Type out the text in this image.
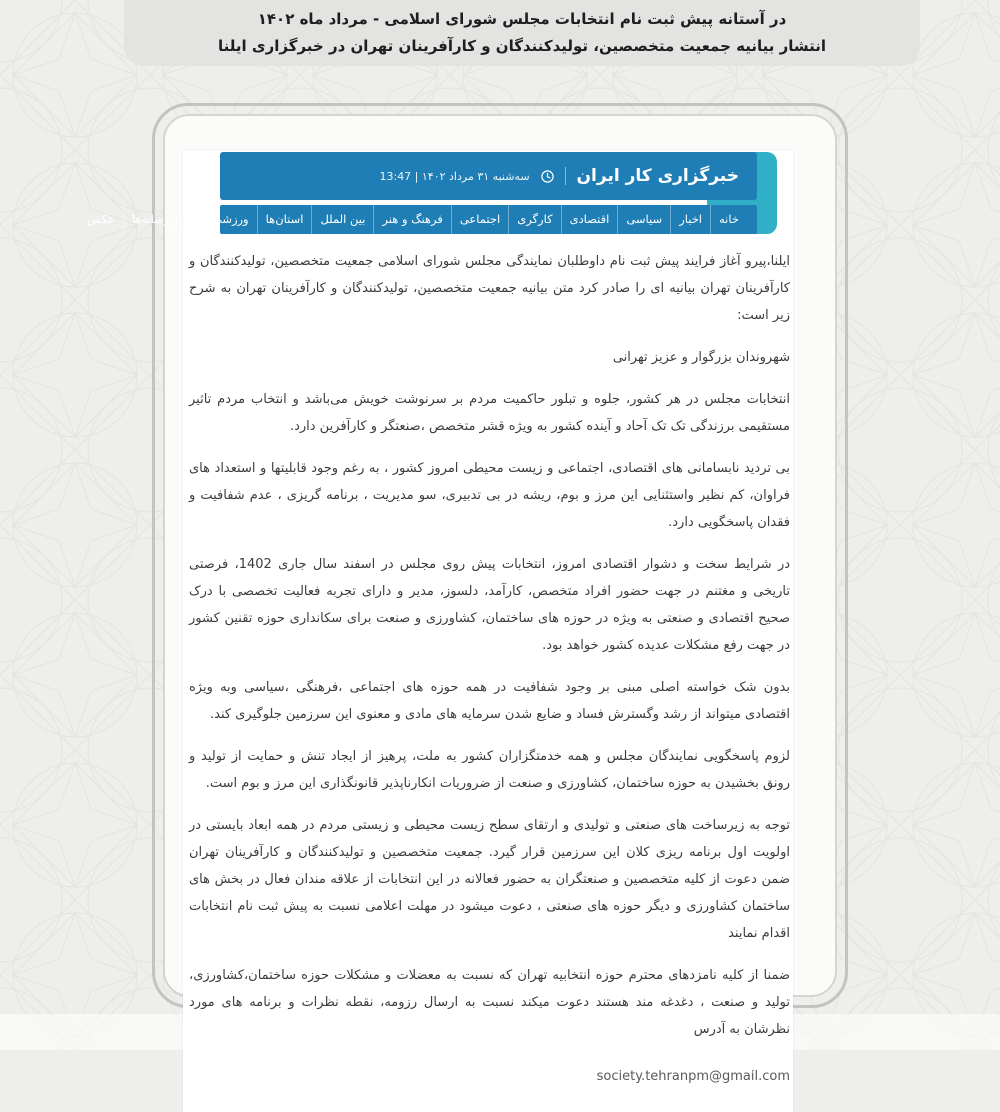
در آستانه پیش ثبت نام انتخابات مجلس شورای اسلامی - مرداد ماه ۱۴۰۲
انتشار بیانیه جمعیت متخصصین، تولیدکنندگان و کارآفرینان تهران در خبرگزاری ایلنا
خبرگزاری کار ایران
سه‌شنبه ۳۱ مرداد ۱۴۰۲ | 13:47
خانه
اخبار
سیاسی
اقتصادی
کارگری
اجتماعی
فرهنگ و هنر
بین الملل
استان‌ها
ورزشی
سایر رسانه‌ها
عکس

ایلنا،پیرو آغاز فرایند پیش ثبت نام داوطلبان نمایندگی مجلس شورای اسلامی جمعیت متخصصین، تولیدکنندگان و کارآفرینان تهران بیانیه ای را صادر کرد متن بیانیه جمعیت متخصصین، تولیدکنندگان و کارآفرینان تهران به شرح زیر است:

شهروندان بزرگوار و عزیز تهرانی

انتخابات مجلس در هر کشور، جلوه و تبلور حاکمیت مردم بر سرنوشت خویش می‌باشد و انتخاب مردم تاثیر مستقیمی برزندگی تک تک آحاد و آینده کشور به ویژه قشر متخصص ،صنعتگر و کارآفرین دارد.

بی تردید نابسامانی های اقتصادی، اجتماعی و زیست محیطی امروز کشور ، به رغم وجود قابلیتها و استعداد های فراوان، کم نظیر واستثنایی این مرز و بوم، ریشه در بی تدبیری، سو مدیریت ، برنامه گریزی ، عدم شفافیت و فقدان پاسخگویی دارد.

در شرایط سخت و دشوار اقتصادی امروز، انتخابات پیش روی مجلس در اسفند سال جاری 1402، فرصتی تاریخی و مغتنم در جهت حضور افراد متخصص، کارآمد، دلسوز، مدیر و دارای تجربه فعالیت تخصصی با درک صحیح اقتصادی و صنعتی به ویژه در حوزه های ساختمان، کشاورزی و صنعت برای سکانداری حوزه تقنین کشور در جهت رفع مشکلات عدیده کشور خواهد بود.

بدون شک خواسته اصلی مبنی بر وجود شفافیت در همه حوزه های اجتماعی ،فرهنگی ،سیاسی وبه ویژه اقتصادی میتواند از رشد وگسترش فساد و ضایع شدن سرمایه های مادی و معنوی این سرزمین جلوگیری کند.

لزوم پاسخگویی نمایندگان مجلس و همه خدمتگزاران کشور به ملت، پرهیز از ایجاد تنش و حمایت از تولید و رونق بخشیدن به حوزه ساختمان، کشاورزی و صنعت از ضروریات انکارناپذیر قانونگذاری این مرز و بوم است.

توجه به زیرساخت های صنعتی و تولیدی و ارتقای سطح زیست محیطی و زیستی مردم در همه ابعاد بایستی در اولویت اول برنامه ریزی کلان این سرزمین قرار گیرد. جمعیت متخصصین و تولیدکنندگان و کارآفرینان تهران ضمن دعوت از کلیه متخصصین و صنعتگران به حضور فعالانه در این انتخابات از علاقه مندان فعال در بخش های ساختمان کشاورزی و دیگر حوزه های صنعتی ، دعوت میشود در مهلت اعلامی نسبت به پیش ثبت نام انتخابات اقدام نمایند

ضمنا از کلیه نامزدهای محترم حوزه انتخابیه تهران که نسبت به معضلات و مشکلات حوزه ساختمان،کشاورزی، تولید و صنعت ، دغدغه مند هستند دعوت میکند نسبت به ارسال رزومه، نقطه نظرات و برنامه های مورد نظرشان به آدرس

society.tehranpm@gmail.com
